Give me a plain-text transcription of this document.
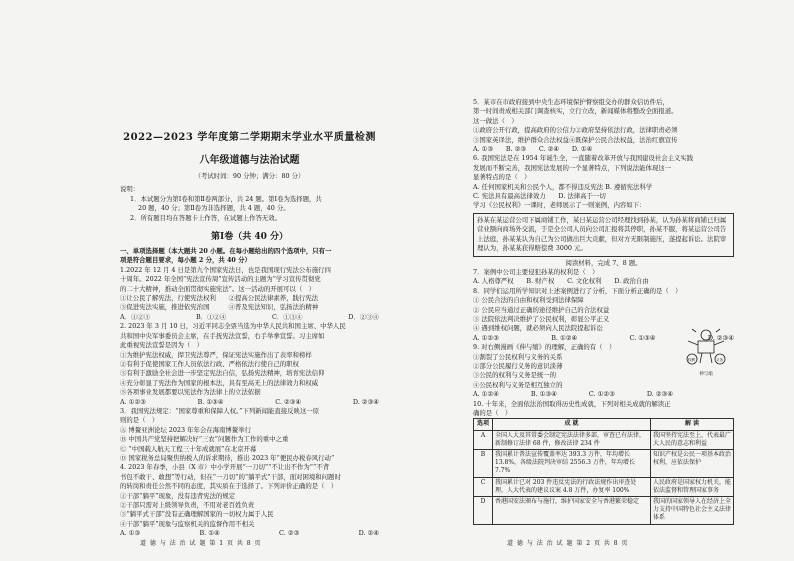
2022—2023 学年度第二学期期末学业水平质量检测
八年级道德与法治试题
（考试时间：90 分钟；满分：80 分）
说明：
1．本试题分为第Ⅰ卷和第Ⅱ卷两部分，共 24 题。第Ⅰ卷为选择题，共
20 题，40 分；第Ⅱ卷为非选择题，共 4 题，40 分。
2．所有题目均在答题卡上作答，在试题上作答无效。
第Ⅰ卷（共 40 分）
一、单项选择题（本大题共 20 小题。在每小题给出的四个选项中，只有一
项是符合题目要求，每小题 2 分，共 40 分）

1.2022 年 12 月 4 日是第九个国家宪法日，也是我国现行宪法公布施行四

十周年。2022 年全国“宪法宣传周”宣传活动的主题为“学习宣传贯彻党

的二十大精神，推动全面贯彻实施宪法”。这一活动的开展可以（　）

①让公民了解宪法，行使宪法权利　　②提高公民法律素养，践行宪法

③促进宪法实施，推进依宪治国　　　④普及宪法知识，弘扬法治精神

A．①②③	B．①②④	C．①③④	D．②③④

2. 2023 年 3 月 10 日，习近平同志全票当选为中华人民共和国主席、中华人民

共和国中央军事委员会主席，在手抚宪法宣誓，右手举拳宣誓。习主席如

此重视宪法宣誓是因为（　）

①为维护宪法权威，捍卫宪法尊严，保证宪法实施作出了表率和榜样

②有利于促使国家工作人员依法行政、严格依法行使自己的职权

③有利于激励全社会进一步坚定宪法自信，弘扬宪法精神，培育宪法信仰

④充分彰显了宪法作为国家的根本法，具有至高无上的法律效力和权威

⑤各项事业发展都要以宪法作为法律上的立法依据

A. ①②③	B. ①③④	C. ②③④	D. ②③④

3．我国宪法规定：“国家尊重和保障人权。”下列新闻能直接反映这一原

则的是（　）

Ⓐ 博鳌亚洲论坛 2023 年年会在海南博鳌举行

Ⓑ 中国共产党坚持把解决好“三农”问题作为工作的重中之重

Ⓒ “中国载人航天工程三十年成就展”在北京开幕

Ⓓ 国家税务总局聚焦纳税人的诉求期待，推出 2023 年“便民办税春风行动”

4. 2023 年春季，小县（X 市）中小学开展“一刀切”“不让出不作为”“不背

书包不敢干、敢想”等行动，但在“一刀切”的“躺平式”干部，面对困境和问题时

的转岗和责任公然不同的态度，其实质在于选择了。下列评价正确的是（　）

①干部“躺平”现象，没有违背宪法的规定

②干部只需对上级领导负责，不用对老百姓负责

③“躺平式干部”没有正确理解国家的一切权力属于人民

④干部“躺平”现象与监察机关的监督作用不相关

A. ①③	B. ①④	C. ②③	D. ②④
道 德 与 法 治 试 题 第 1 页 共 8 页

5．某市在市政府接到中央生态环境保护督察组交办的群众信访件后，

第一时间责成相关部门调查核实，立行立改，新闻媒体将整改全面报道。

这一做法（　）

①政府公开行政，提高政府的公信力②政府坚持依法行政，法律职责必须

③国家英译法，维护群众合法权益④既保护公民合法权益，法治红旗宣传

A. ①③　　B. ②③　　C. ②④　　D. ①④

6. 我国宪法是在 1954 年诞生全，一直随着改革开放与我国建设社会主义实践

发展而不断完善，我国宪法发展的一个显著特点，下列说法能体现这一

显著特点的是（　）

A. 任何国家机关和公民个人，都不得违反宪法 B. 遵循宪法科学

C. 宪法具有最高法律效力　　D. 法律高于一切

学习《公民权利》一课时，老师展示了一则案例，内容如下：

孙某在某运营公司下属商铺工作，某日某运营公司经理找到孙某，认为孙某将商铺已归属营业额向商场外交流，于是全公司人员向公司汇报将其停职，孙某不服，将某运营公司告上法庭，孙某某认为自己为公司做出巨大贡献，但对方无限制施压，遂提起诉讼。法院审理认为，孙某某获得赔偿费 3000 元。
阅读材料，完成 7、8 题。

7．案例中公司主要侵犯孙某的权利是（　）

A. 人格尊严权　　B. 财产权　　C. 文化权利　　D. 政治自由

8．同学们运用所学知识对上述案例进行了分析，下面分析正确的是（　）

① 公民合法的自由和权利受到法律保障

② 公民应当通过正确的途径维护自己的合法权益

③ 法院依法判决维护了公民权利，彰显公平正义

④ 遇到维权问题，就必须向人民法院提起诉讼

A. ①②③	B. ①②④	C. ①③④	D. ②③④

9. 对右侧漫画《伸与缩》的理解，正确的有（　）

①割裂了公民权利与义务的关系

②部分公民履行义务的意识淡薄

③公民的权利与义务是统一的

④公民权利与义务是相互独立的

A. ①②④	B. ①③④	C. ①②③	D. ②③④

10. 十年来，全面依法治国取得历史性成就，下列对相关成就的解读正

确的是（　）

选项	成 就	解 读
A	全国人大及其常委会制定宪法法律多部，审查已有法律，新制修订法律 68 件，修改法律 234 件	我国坚持宪法至上，代表最广大人民的意志和利益
B	我国累计普法宣传覆盖率达 393.3 万件，年均增长 13.8%，各级法院判决审结 2556.3 万件，年均增长 7.7%	知识产权是公民一项基本政治权利，应依法保护
C	我国累计已对 203 件违反宪法的行政法规作出审查处理，人大代表的建议议案 4.8 万件，办复率 100%	人民政府是国家权力机关，能依法监督和管理国家事务
D	香港国安法颁布与施行，维护国家安全与香港繁荣稳定	我国的国家领导人在经济上全力支持中国特色社会主义法律体系
道 德 与 法 治 试 题 第 2 页 共 8 页
权利	义务
伸与缩
